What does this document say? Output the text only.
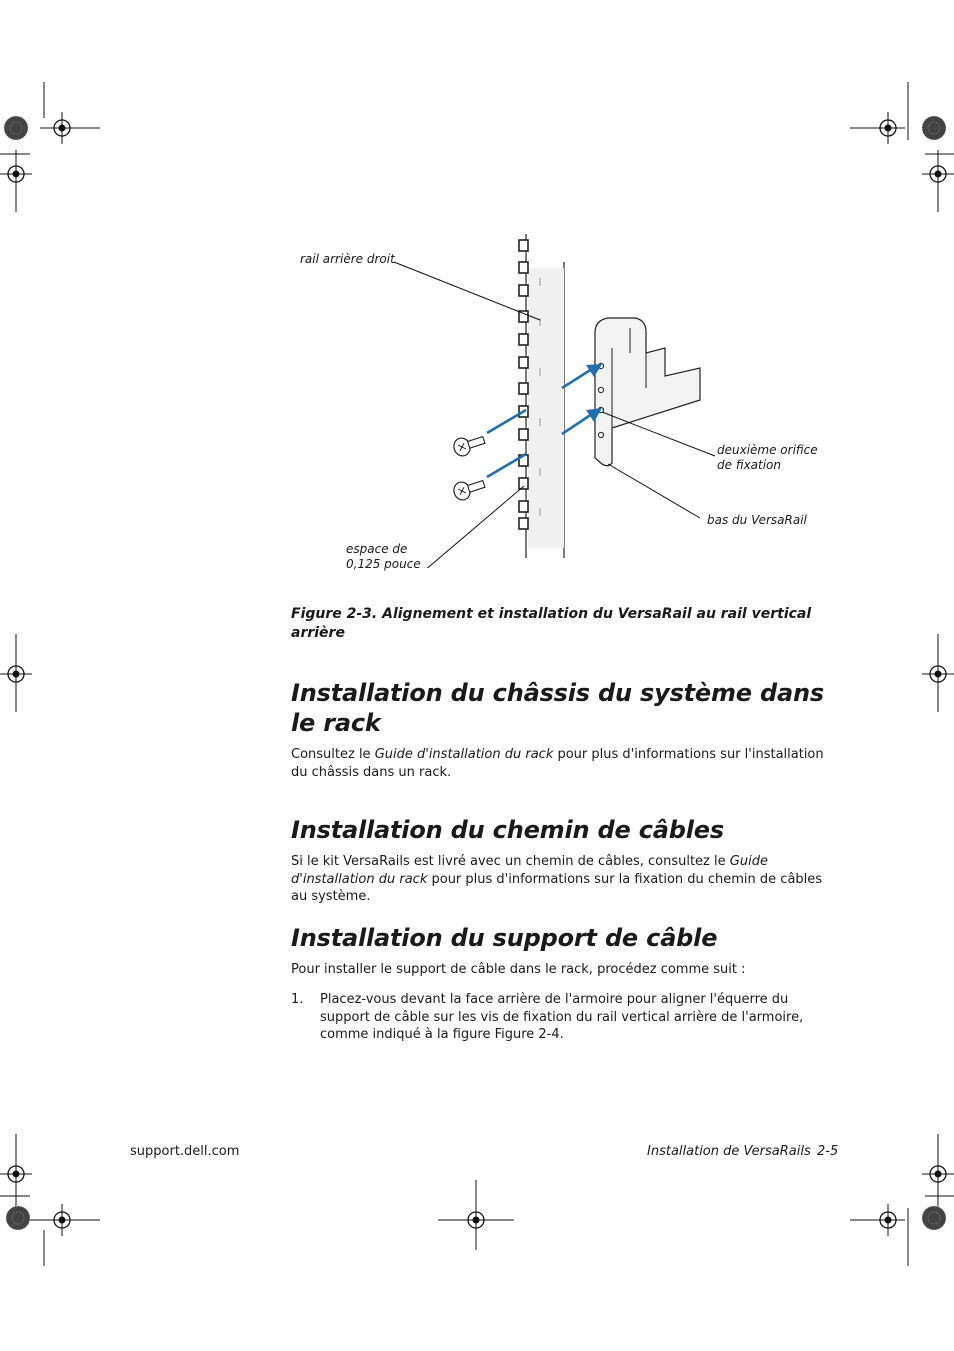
rail arrière droit
deuxième orifice
de fixation
bas du VersaRail
espace de
0,125 pouce
Figure 2-3. Alignement et installation du VersaRail au rail vertical arrière
Installation du châssis du système dans le rack

Consultez le Guide d'installation du rack pour plus d'informations sur l'installation du châssis dans un rack.

Installation du chemin de câbles

Si le kit VersaRails est livré avec un chemin de câbles, consultez le Guide d'installation du rack pour plus d'informations sur la fixation du chemin de câbles au système.

Installation du support de câble

Pour installer le support de câble dans le rack, procédez comme suit :

1. Placez-vous devant la face arrière de l'armoire pour aligner l'équerre du support de câble sur les vis de fixation du rail vertical arrière de l'armoire, comme indiqué à la figure Figure 2-4.
support.dell.com	Installation de VersaRails 2-5
